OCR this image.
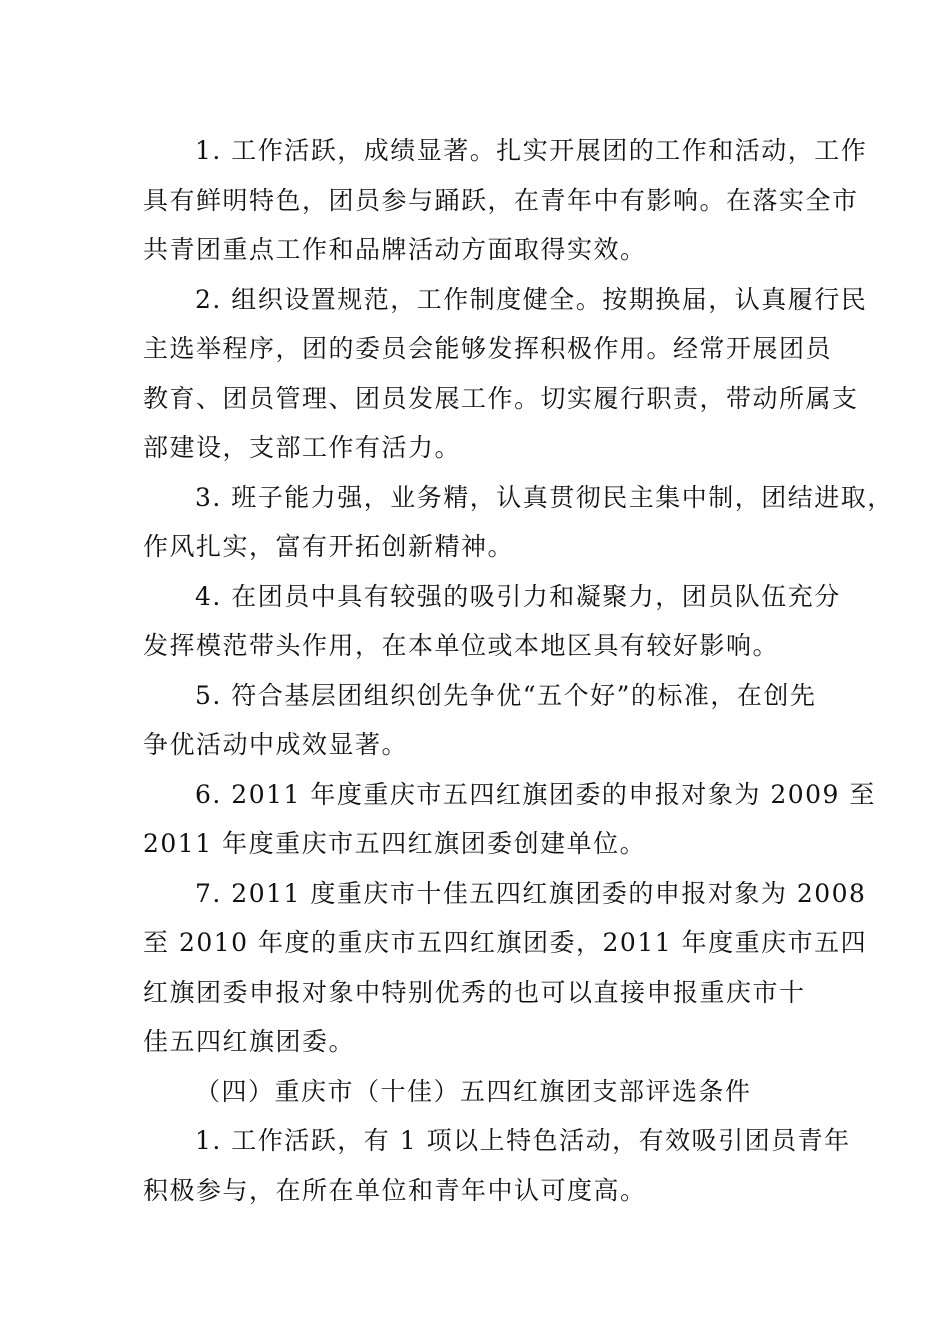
1. 工作活跃，成绩显著。扎实开展团的工作和活动，工作
具有鲜明特色，团员参与踊跃，在青年中有影响。在落实全市
共青团重点工作和品牌活动方面取得实效。
2. 组织设置规范，工作制度健全。按期换届，认真履行民
主选举程序，团的委员会能够发挥积极作用。经常开展团员
教育、团员管理、团员发展工作。切实履行职责，带动所属支
部建设，支部工作有活力。
3. 班子能力强，业务精，认真贯彻民主集中制，团结进取，
作风扎实，富有开拓创新精神。
4. 在团员中具有较强的吸引力和凝聚力，团员队伍充分
发挥模范带头作用，在本单位或本地区具有较好影响。
5. 符合基层团组织创先争优“五个好”的标准，在创先
争优活动中成效显著。
6. 2011 年度重庆市五四红旗团委的申报对象为 2009 至
2011 年度重庆市五四红旗团委创建单位。
7. 2011 度重庆市十佳五四红旗团委的申报对象为 2008
至 2010 年度的重庆市五四红旗团委，2011 年度重庆市五四
红旗团委申报对象中特别优秀的也可以直接申报重庆市十
佳五四红旗团委。
（四）重庆市（十佳）五四红旗团支部评选条件
1. 工作活跃，有 1 项以上特色活动，有效吸引团员青年
积极参与，在所在单位和青年中认可度高。
